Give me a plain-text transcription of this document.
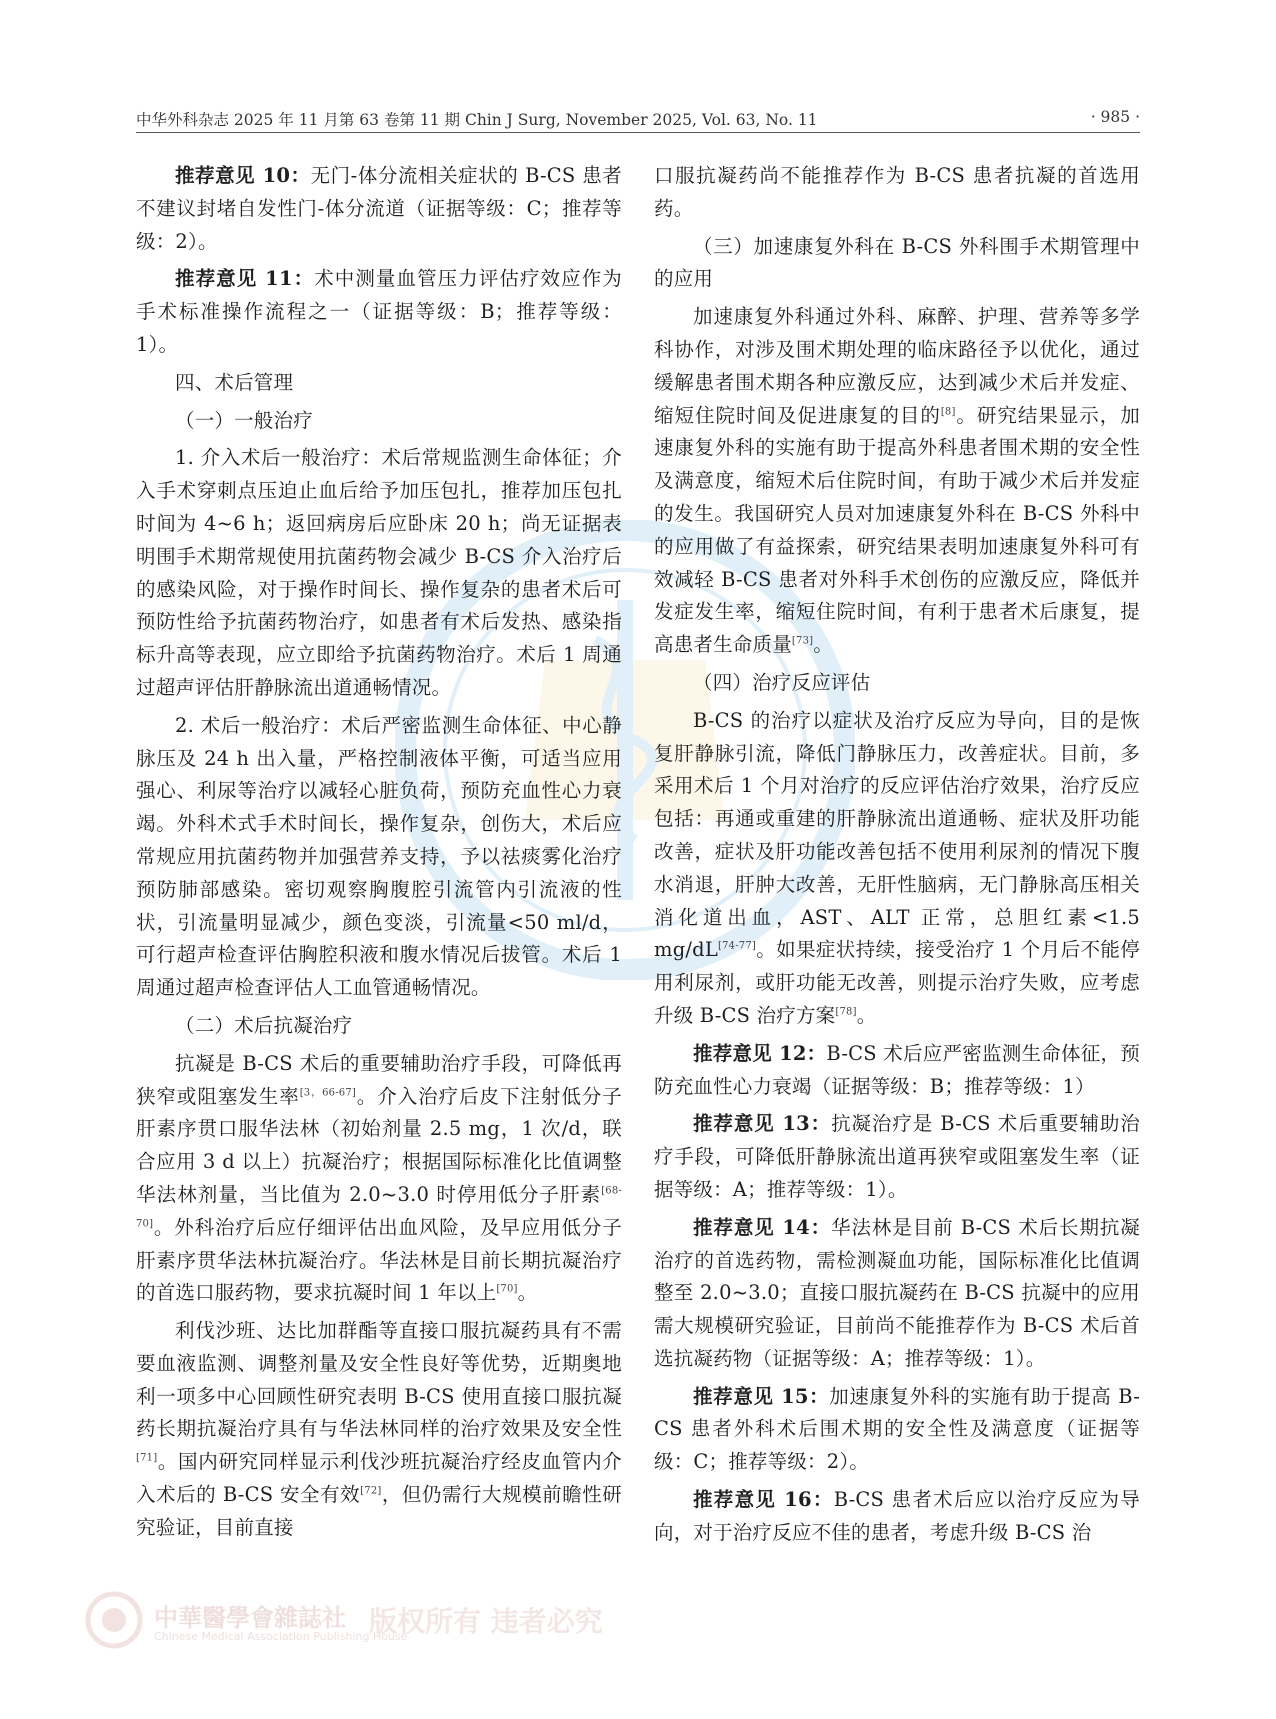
中华外科杂志 2025 年 11 月第 63 卷第 11 期 Chin J Surg, November 2025, Vol. 63, No. 11	· 985 ·

推荐意见 10：无门-体分流相关症状的 B-CS 患者不建议封堵自发性门-体分流道（证据等级：C；推荐等级：2）。

推荐意见 11：术中测量血管压力评估疗效应作为手术标准操作流程之一（证据等级：B；推荐等级：1）。

四、术后管理

（一）一般治疗

1. 介入术后一般治疗：术后常规监测生命体征；介入手术穿刺点压迫止血后给予加压包扎，推荐加压包扎时间为 4~6 h；返回病房后应卧床 20 h；尚无证据表明围手术期常规使用抗菌药物会减少 B-CS 介入治疗后的感染风险，对于操作时间长、操作复杂的患者术后可预防性给予抗菌药物治疗，如患者有术后发热、感染指标升高等表现，应立即给予抗菌药物治疗。术后 1 周通过超声评估肝静脉流出道通畅情况。

2. 术后一般治疗：术后严密监测生命体征、中心静脉压及 24 h 出入量，严格控制液体平衡，可适当应用强心、利尿等治疗以减轻心脏负荷，预防充血性心力衰竭。外科术式手术时间长，操作复杂，创伤大，术后应常规应用抗菌药物并加强营养支持，予以祛痰雾化治疗预防肺部感染。密切观察胸腹腔引流管内引流液的性状，引流量明显减少，颜色变淡，引流量<50 ml/d，可行超声检查评估胸腔积液和腹水情况后拔管。术后 1 周通过超声检查评估人工血管通畅情况。

（二）术后抗凝治疗

抗凝是 B-CS 术后的重要辅助治疗手段，可降低再狭窄或阻塞发生率[3，66-67]。介入治疗后皮下注射低分子肝素序贯口服华法林（初始剂量 2.5 mg，1 次/d，联合应用 3 d 以上）抗凝治疗；根据国际标准化比值调整华法林剂量，当比值为 2.0~3.0 时停用低分子肝素[68-70]。外科治疗后应仔细评估出血风险，及早应用低分子肝素序贯华法林抗凝治疗。华法林是目前长期抗凝治疗的首选口服药物，要求抗凝时间 1 年以上[70]。

利伐沙班、达比加群酯等直接口服抗凝药具有不需要血液监测、调整剂量及安全性良好等优势，近期奥地利一项多中心回顾性研究表明 B-CS 使用直接口服抗凝药长期抗凝治疗具有与华法林同样的治疗效果及安全性[71]。国内研究同样显示利伐沙班抗凝治疗经皮血管内介入术后的 B-CS 安全有效[72]，但仍需行大规模前瞻性研究验证，目前直接

口服抗凝药尚不能推荐作为 B-CS 患者抗凝的首选用药。

（三）加速康复外科在 B-CS 外科围手术期管理中的应用

加速康复外科通过外科、麻醉、护理、营养等多学科协作，对涉及围术期处理的临床路径予以优化，通过缓解患者围术期各种应激反应，达到减少术后并发症、缩短住院时间及促进康复的目的[8]。研究结果显示，加速康复外科的实施有助于提高外科患者围术期的安全性及满意度，缩短术后住院时间，有助于减少术后并发症的发生。我国研究人员对加速康复外科在 B-CS 外科中的应用做了有益探索，研究结果表明加速康复外科可有效减轻 B-CS 患者对外科手术创伤的应激反应，降低并发症发生率，缩短住院时间，有利于患者术后康复，提高患者生命质量[73]。

（四）治疗反应评估

B-CS 的治疗以症状及治疗反应为导向，目的是恢复肝静脉引流，降低门静脉压力，改善症状。目前，多采用术后 1 个月对治疗的反应评估治疗效果，治疗反应包括：再通或重建的肝静脉流出道通畅、症状及肝功能改善，症状及肝功能改善包括不使用利尿剂的情况下腹水消退，肝肿大改善，无肝性脑病，无门静脉高压相关消化道出血，AST、ALT 正常，总胆红素<1.5 mg/dL[74-77]。如果症状持续，接受治疗 1 个月后不能停用利尿剂，或肝功能无改善，则提示治疗失败，应考虑升级 B-CS 治疗方案[78]。

推荐意见 12：B-CS 术后应严密监测生命体征，预防充血性心力衰竭（证据等级：B；推荐等级：1）

推荐意见 13：抗凝治疗是 B-CS 术后重要辅助治疗手段，可降低肝静脉流出道再狭窄或阻塞发生率（证据等级：A；推荐等级：1）。

推荐意见 14：华法林是目前 B-CS 术后长期抗凝治疗的首选药物，需检测凝血功能，国际标准化比值调整至 2.0~3.0；直接口服抗凝药在 B-CS 抗凝中的应用需大规模研究验证，目前尚不能推荐作为 B-CS 术后首选抗凝药物（证据等级：A；推荐等级：1）。

推荐意见 15：加速康复外科的实施有助于提高 B-CS 患者外科术后围术期的安全性及满意度（证据等级：C；推荐等级：2）。

推荐意见 16：B-CS 患者术后应以治疗反应为导向，对于治疗反应不佳的患者，考虑升级 B-CS 治

中華醫學會雜誌社
Chinese Medical Association Publishing House
版权所有 违者必究
